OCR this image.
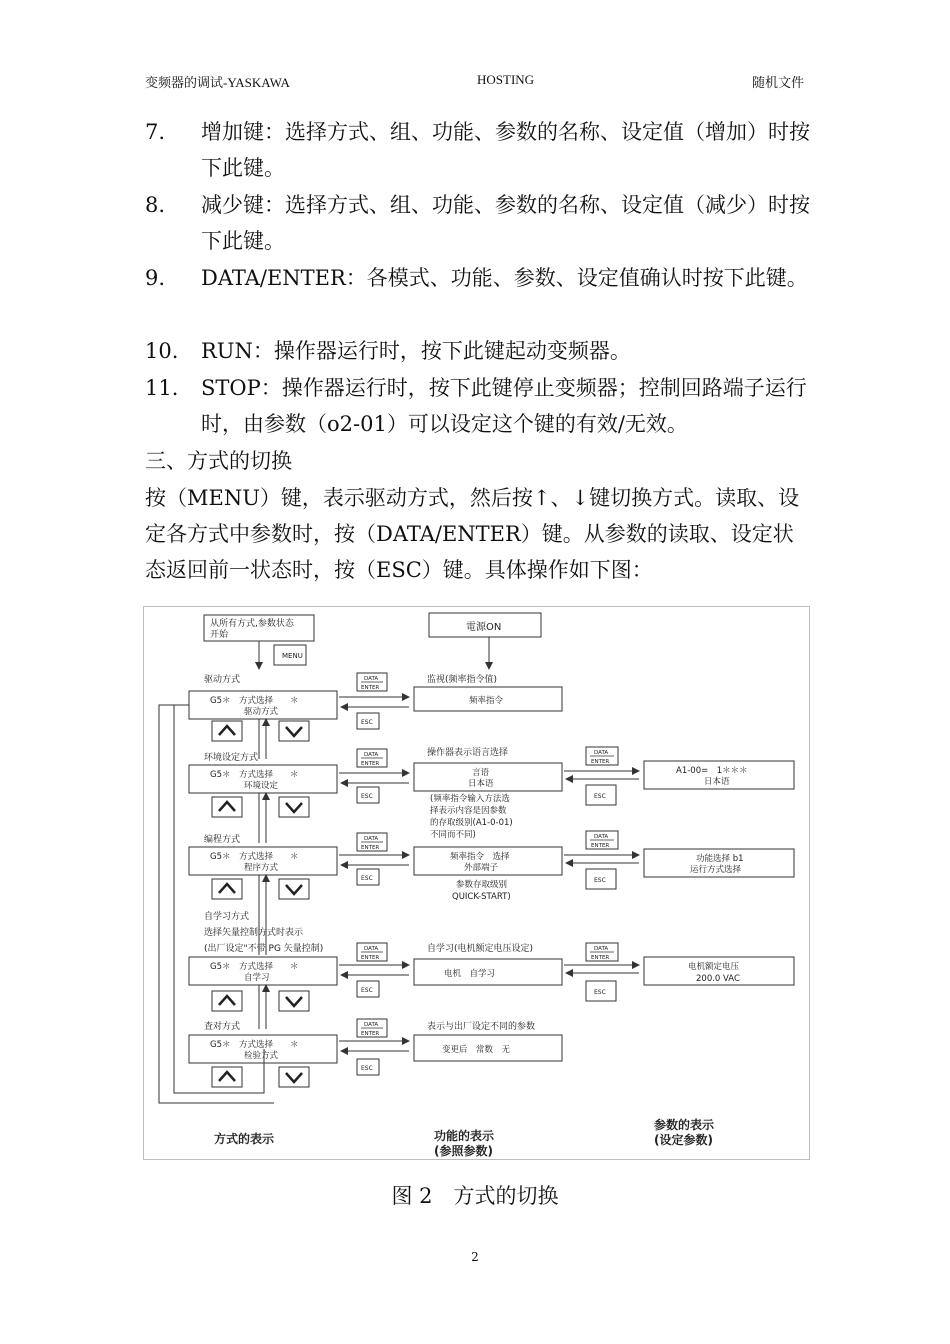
变频器的调试-YASKAWA	HOSTING	随机文件
7. 增加键：选择方式、组、功能、参数的名称、设定值（增加）时按下此键。
8. 减少键：选择方式、组、功能、参数的名称、设定值（减少）时按下此键。
9. DATA/ENTER：各模式、功能、参数、设定值确认时按下此键。
10. RUN：操作器运行时，按下此键起动变频器。
11. STOP：操作器运行时，按下此键停止变频器；控制回路端子运行时，由参数（o2-01）可以设定这个键的有效/无效。
三、方式的切换
按（MENU）键，表示驱动方式，然后按↑、↓键切换方式。读取、设定各方式中参数时，按（DATA/ENTER）键。从参数的读取、设定状态返回前一状态时，按（ESC）键。具体操作如下图：
从所有方式,参数状态
开始
MENU
電源ON
驱动方式
G5＊　方式选择　　＊
驱动方式
DATA
ENTER
ESC
监视(频率指令值)
频率指令
环境设定方式
G5＊　方式选择　　＊
环境设定
DATA
ENTER
ESC
操作器表示语言选择
言语
日本语
(频率指令输入方法选
择表示内容是因参数
的存取级别(A1-0-01)
不同而不同)
DATA
ENTER
ESC
A1-00=　1＊＊＊
日本语
编程方式
G5＊　方式选择　　＊
程序方式
DATA
ENTER
ESC
频率指令　选择
外部端子
参数存取级别
QUICK-START)
DATA
ENTER
ESC
功能选择 b1
运行方式选择
自学习方式
选择矢量控制方式时表示
(出厂设定"不带 PG 矢量控制)
G5＊　方式选择　　＊
自学习
DATA
ENTER
ESC
自学习(电机额定电压设定)
电机　自学习
DATA
ENTER
ESC
电机额定电压
200.0 VAC
査对方式
G5＊　方式选择　　＊
检验方式
DATA
ENTER
ESC
表示与出厂设定不同的参数
变更后　常数　无
方式的表示	功能的表示
(参照参数)
参数的表示
(设定参数)
图 2　方式的切换
2
